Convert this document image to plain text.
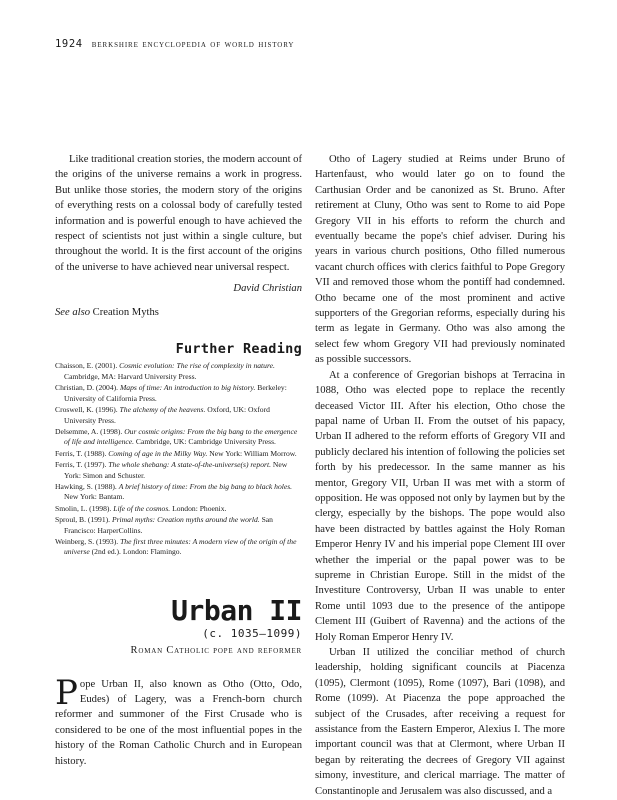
1924 berkshire encyclopedia of world history

Like traditional creation stories, the modern account of the origins of the universe remains a work in progress. But unlike those stories, the modern story of the origins of everything rests on a colossal body of carefully tested information and is powerful enough to have achieved the respect of scientists not just within a single culture, but throughout the world. It is the first account of the origins of the universe to have achieved near universal respect.

David Christian
See also Creation Myths
Further Reading
Chaisson, E. (2001). Cosmic evolution: The rise of complexity in nature. Cambridge, MA: Harvard University Press.
Christian, D. (2004). Maps of time: An introduction to big history. Berkeley: University of California Press.
Croswell, K. (1996). The alchemy of the heavens. Oxford, UK: Oxford University Press.
Delsemme, A. (1998). Our cosmic origins: From the big bang to the emergence of life and intelligence. Cambridge, UK: Cambridge University Press.
Ferris, T. (1988). Coming of age in the Milky Way. New York: William Morrow.
Ferris, T. (1997). The whole shebang: A state-of-the-universe(s) report. New York: Simon and Schuster.
Hawking, S. (1988). A brief history of time: From the big bang to black holes. New York: Bantam.
Smolin, L. (1998). Life of the cosmos. London: Phoenix.
Sproul, B. (1991). Primal myths: Creation myths around the world. San Francisco: HarperCollins.
Weinberg, S. (1993). The first three minutes: A modern view of the origin of the universe (2nd ed.). London: Flamingo.
Urban II
(c. 1035–1099)
Roman Catholic pope and reformer

Pope Urban II, also known as Otho (Otto, Odo, Eudes) of Lagery, was a French-born church reformer and summoner of the First Crusade who is considered to be one of the most influential popes in the history of the Roman Catholic Church and in European history.

Otho of Lagery studied at Reims under Bruno of Hartenfaust, who would later go on to found the Carthusian Order and be canonized as St. Bruno. After retirement at Cluny, Otho was sent to Rome to aid Pope Gregory VII in his efforts to reform the church and eventually became the pope's chief adviser. During his years in various church positions, Otho filled numerous vacant church offices with clerics faithful to Pope Gregory VII and removed those whom the pontiff had condemned. Otho became one of the most prominent and active supporters of the Gregorian reforms, especially during his term as legate in Germany. Otho was also among the select few whom Gregory VII had previously nominated as possible successors.

At a conference of Gregorian bishops at Terracina in 1088, Otho was elected pope to replace the recently deceased Victor III. After his election, Otho chose the papal name of Urban II. From the outset of his papacy, Urban II adhered to the reform efforts of Gregory VII and publicly declared his intention of following the policies set forth by his predecessor. In the same manner as his mentor, Gregory VII, Urban II was met with a storm of opposition. He was opposed not only by laymen but by the clergy, especially by the bishops. The pope would also have been distracted by battles against the Holy Roman Emperor Henry IV and his imperial pope Clement III over whether the imperial or the papal power was to be supreme in Christian Europe. Still in the midst of the Investiture Controversy, Urban II was unable to enter Rome until 1093 due to the presence of the antipope Clement III (Guibert of Ravenna) and the actions of the Holy Roman Emperor Henry IV.

Urban II utilized the conciliar method of church leadership, holding significant councils at Piacenza (1095), Clermont (1095), Rome (1097), Bari (1098), and Rome (1099). At Piacenza the pope approached the subject of the Crusades, after receiving a request for assistance from the Eastern Emperor, Alexius I. The more important council was that at Clermont, where Urban II began by reiterating the decrees of Gregory VII against simony, investiture, and clerical marriage. The matter of Constantinople and Jerusalem was also discussed, and a
